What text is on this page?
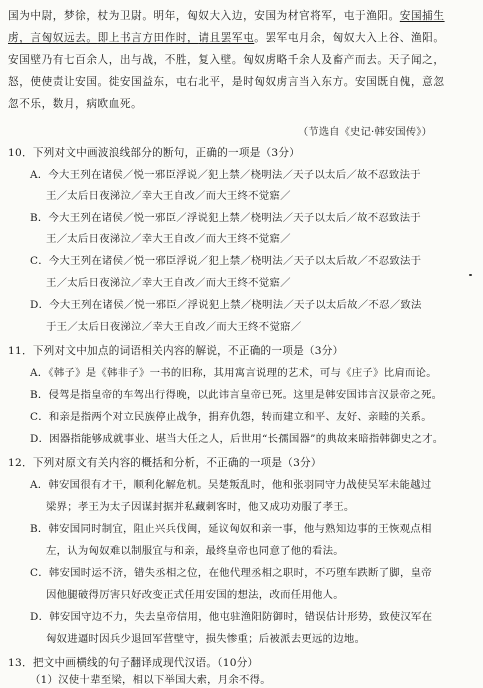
国为中尉，梦徐，杖为卫尉。明年，匈奴大入边，安国为材官将军，屯于渔阳。安国捕生
虏，言匈奴远去。即上书言方田作时，请且罢军屯。罢军屯月余，匈奴大入上谷、渔阳。
安国壁乃有七百余人，出与战，不胜，复入壁。匈奴虏略千余人及畜产而去。天子闻之，
怒，使使责让安国。徙安国益东，屯右北平，是时匈奴虏言当入东方。安国既自傀，意忽
忽不乐，数月，病欧血死。
（节选自《史记·韩安国传》）
10．下列对文中画波浪线部分的断句，正确的一项是（3分）
A．今大王列在诸侯／悦一邪臣浮说／犯上禁／桡明法／天子以太后／故不忍致法于
王／太后日夜涕泣／幸大王自改／而大王终不觉寤／
B．今大王列在诸侯／悦一邪臣／浮说犯上禁／桡明法／天子以太后／故不忍致法于
王／太后日夜涕泣／幸大王自改／而大王终不觉寤／
C．今大王列在诸侯／悦一邪臣浮说／犯上禁／桡明法／天子以太后故／不忍致法于
王／太后日夜涕泣／幸大王自改／而大王终不觉寤／
D．今大王列在诸侯／悦一邪臣／浮说犯上禁／桡明法／天子以太后故／不忍／致法
于王／太后日夜涕泣／幸大王自改／而大王终不觉寤／
11．下列对文中加点的词语相关内容的解说，不正确的一项是（3分）
A．《韩子》是《韩非子》一书的旧称，其用寓言说理的艺术，可与《庄子》比肩而论。
B．侵驾是指皇帝的车驾出行得晚，以此讳言皇帝已死。这里是韩安国讳言汉景帝之死。
C．和亲是指两个对立民族停止战争，捐弃仇怨，转而建立和平、友好、亲睦的关系。
D．困器指能够成就事业、堪当大任之人，后世用“长孺国器”的典故来暗指韩御史之才。
12．下列对原文有关内容的概括和分析，不正确的一项是（3分）
A．韩安国很有才干，顺利化解危机。吴楚叛乱时，他和张羽同守力战使吴军未能越过
梁界；孝王为太子因谋封据并私藏刺客时，他又成功劝服了孝王。
B．韩安国同时制宜，阻止兴兵伐闽，延议匈奴和亲一事，他与熟知边事的王恢观点相
左，认为匈奴难以制服宜与和亲，最终皇帝也同意了他的看法。
C．韩安国时运不济，错失丞相之位，在他代理丞相之职时，不巧堕车跌断了脚，皇帝
因他腿破得厉害只好改变正式任用安国的想法，改而任用他人。
D．韩安国守边不力，失去皇帝信用，他屯驻渔阳防御时，错误估计形势，致使汉军在
匈奴进逼时因兵少退回军营壁守，损失惨重；后被派去更远的边地。
13．把文中画横线的句子翻译成现代汉语。（10分）
（1）汉使十辈至梁，相以下举国大索，月余不得。
